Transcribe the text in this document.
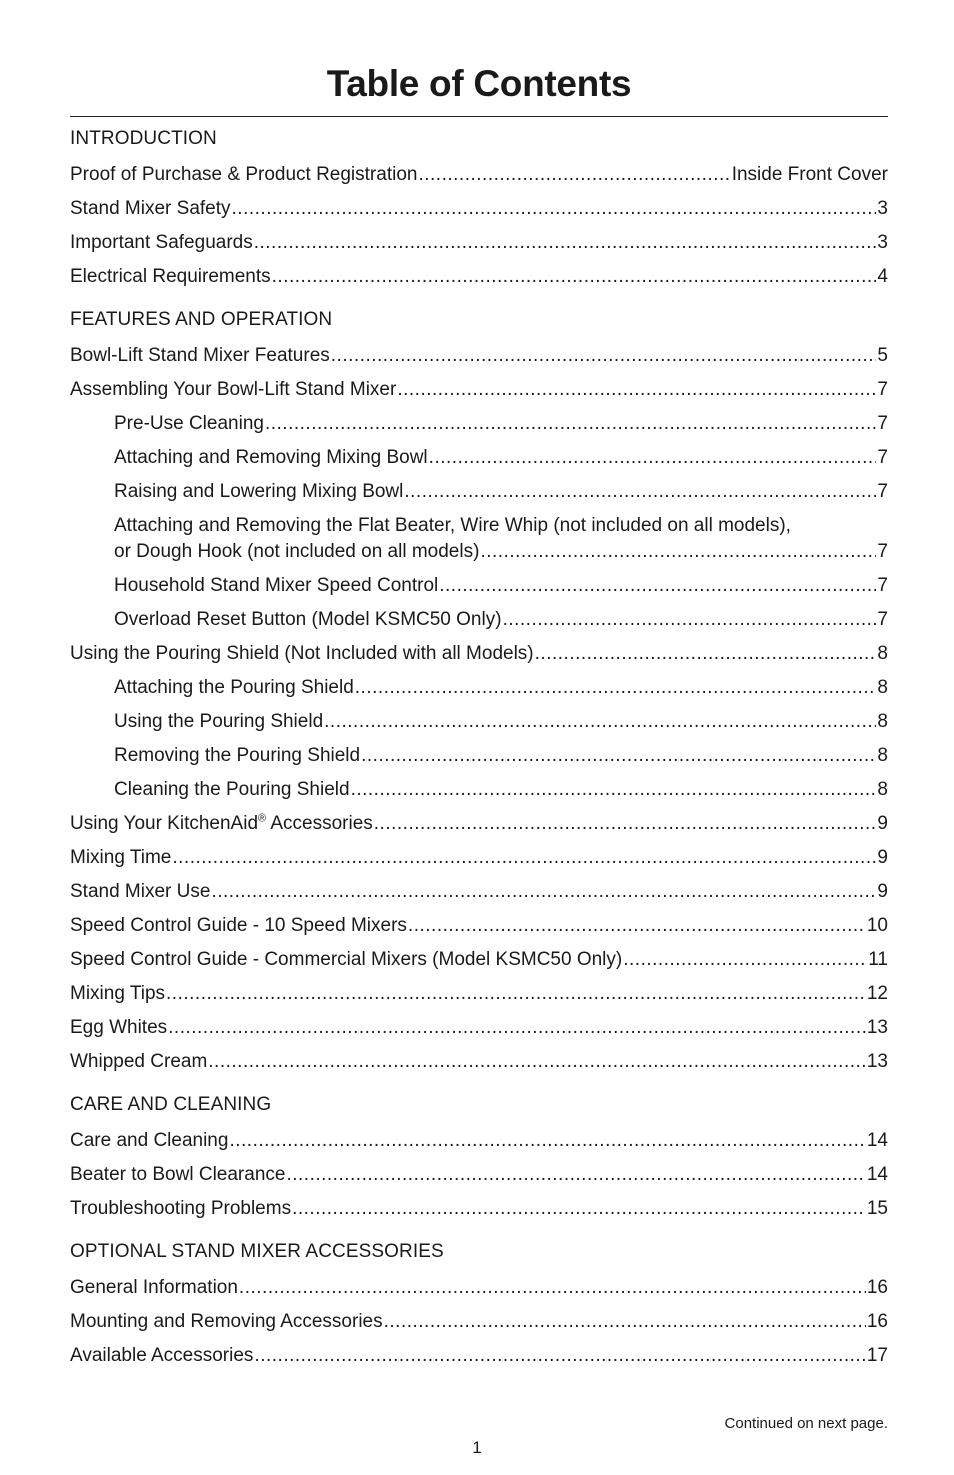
Table of Contents
INTRODUCTION
Proof of Purchase & Product Registration .....	Inside Front Cover
Stand Mixer Safety .....	3
Important Safeguards .....	3
Electrical Requirements .....	4
FEATURES AND OPERATION
Bowl-Lift Stand Mixer Features .....	5
Assembling Your Bowl-Lift Stand Mixer .....	7
Pre-Use Cleaning .....	7
Attaching and Removing Mixing Bowl .....	7
Raising and Lowering Mixing Bowl .....	7
Attaching and Removing the Flat Beater, Wire Whip (not included on all models),
or Dough Hook (not included on all models) .....	7
Household Stand Mixer Speed Control .....	7
Overload Reset Button (Model KSMC50 Only) .....	7
Using the Pouring Shield (Not Included with all Models) .....	8
Attaching the Pouring Shield .....	8
Using the Pouring Shield .....	8
Removing the Pouring Shield .....	8
Cleaning the Pouring Shield .....	8
Using Your KitchenAid® Accessories .....	9
Mixing Time .....	9
Stand Mixer Use .....	9
Speed Control Guide - 10 Speed Mixers .....	10
Speed Control Guide - Commercial Mixers (Model KSMC50 Only) .....	11
Mixing Tips .....	12
Egg Whites .....	13
Whipped Cream .....	13
CARE AND CLEANING
Care and Cleaning .....	14
Beater to Bowl Clearance .....	14
Troubleshooting Problems .....	15
OPTIONAL STAND MIXER ACCESSORIES
General Information .....	16
Mounting and Removing Accessories .....	16
Available Accessories .....	17
Continued on next page.
1
